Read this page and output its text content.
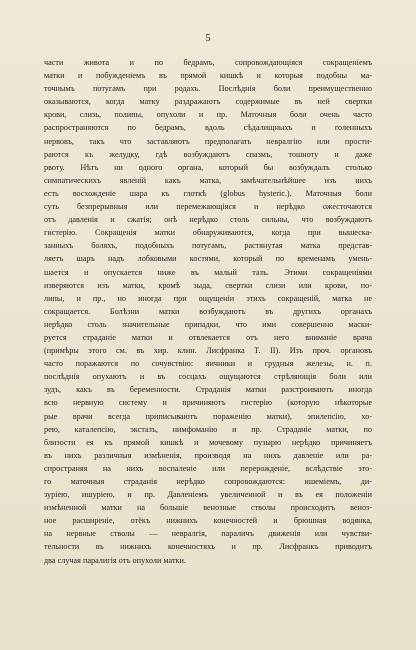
5
части живота и по бедрамъ, сопровождающіяся сокращеніемъ
матки и побужденіемъ въ прямой кишкѣ и которыя подобны ма-
точнымъ потугамъ при родахъ. Послѣднія боли преимущественно
оказываются, когда матку раздражаютъ содержимые въ ней свертки
крови, слизь, полипы, опухоли и пр. Маточныя боли очень часто
распространяются по бедрамъ, вдоль сѣдалищныхъ и голенныхъ
нервовъ, такъ что заставляютъ предполагать невралгію или прости-
раются къ желудку, гдѣ возбуждаютъ спазмъ, тошноту и даже
рвоту. Нѣтъ ни одного органа, который бы возбуждалъ столько
симпатическихъ явленій какъ матка, замѣчательнѣйшее изъ нихъ
есть восхожденіе шара къ глоткѣ (globus hysteric.). Маточныя боли
суть безпрерывныя или перемежающіяся и нерѣдко ожесточаются
отъ давленія и сжатія; онѣ нерѣдко столь сильны, что возбуждаютъ
гистерію. Сокращенія матки обнаруживаются, когда при вышеска-
занныхъ боляхъ, подобныхъ потугамъ, растянутая матка представ-
ляетъ шаръ надъ лобковыми костями, который по временамъ умень-
шается и опускается ниже въ малый тазъ. Этими сокращеніями
изверяются изъ матки, кромѣ зыда, свертки слизи или крови, по-
липы, и пр., но иногда при ощущеніи этихъ сокращеній, матка не
сокращается. Болѣзни матки возбуждаютъ въ другихъ органахъ
нерѣдко столь значительные припадки, что ими совершенно маски-
руется страданіе матки и отвлекается отъ него вниманіе врача
(примѣры этого см. въ хир. клин. Лисфранка T. II). Изъ проч. органовъ
часто поражаются по сочувствію: яичники и грудныя железы, н. п.
послѣднія опухаютъ и въ сосцахъ ощущаются стрѣляющія боли или
зудъ, какъ въ беременности. Страданія матки разстроиваютъ иногда
всю нервную систему и причиняютъ гистерію (которую нѣкоторые
рые врачи всегда приписываютъ пораженію матки), эпилепсію, хо-
рею, каталепсію, экстазъ, нимфоманію и пр. Страданіе матки, по
близости ея къ прямой кишкѣ и мочевому пузырю нерѣдко причиняетъ
въ нихъ различныя измѣненія, производя на нихъ давленіе или ра-
спространяя на нихъ воспаленіе или перерожденіе, вслѣдствіе это-
го маточныя страданія нерѣдко сопровождаются: ишеміемъ, ди-
зуріею, ишуріею, и пр. Давленіемъ увеличенной и въ ея положеніи
измѣненной матки на большіе венозные стволы происходитъ веноз-
ное расширеніе, отёкъ нижнихъ конечностей и брюшная водянка,
на нервные стволы — невралгія, параличъ движенія или чувстви-
тельности въ нижнихъ конечностяхъ и пр. Лисфранкъ приводитъ
два случая паралигія отъ опухоли матки.
